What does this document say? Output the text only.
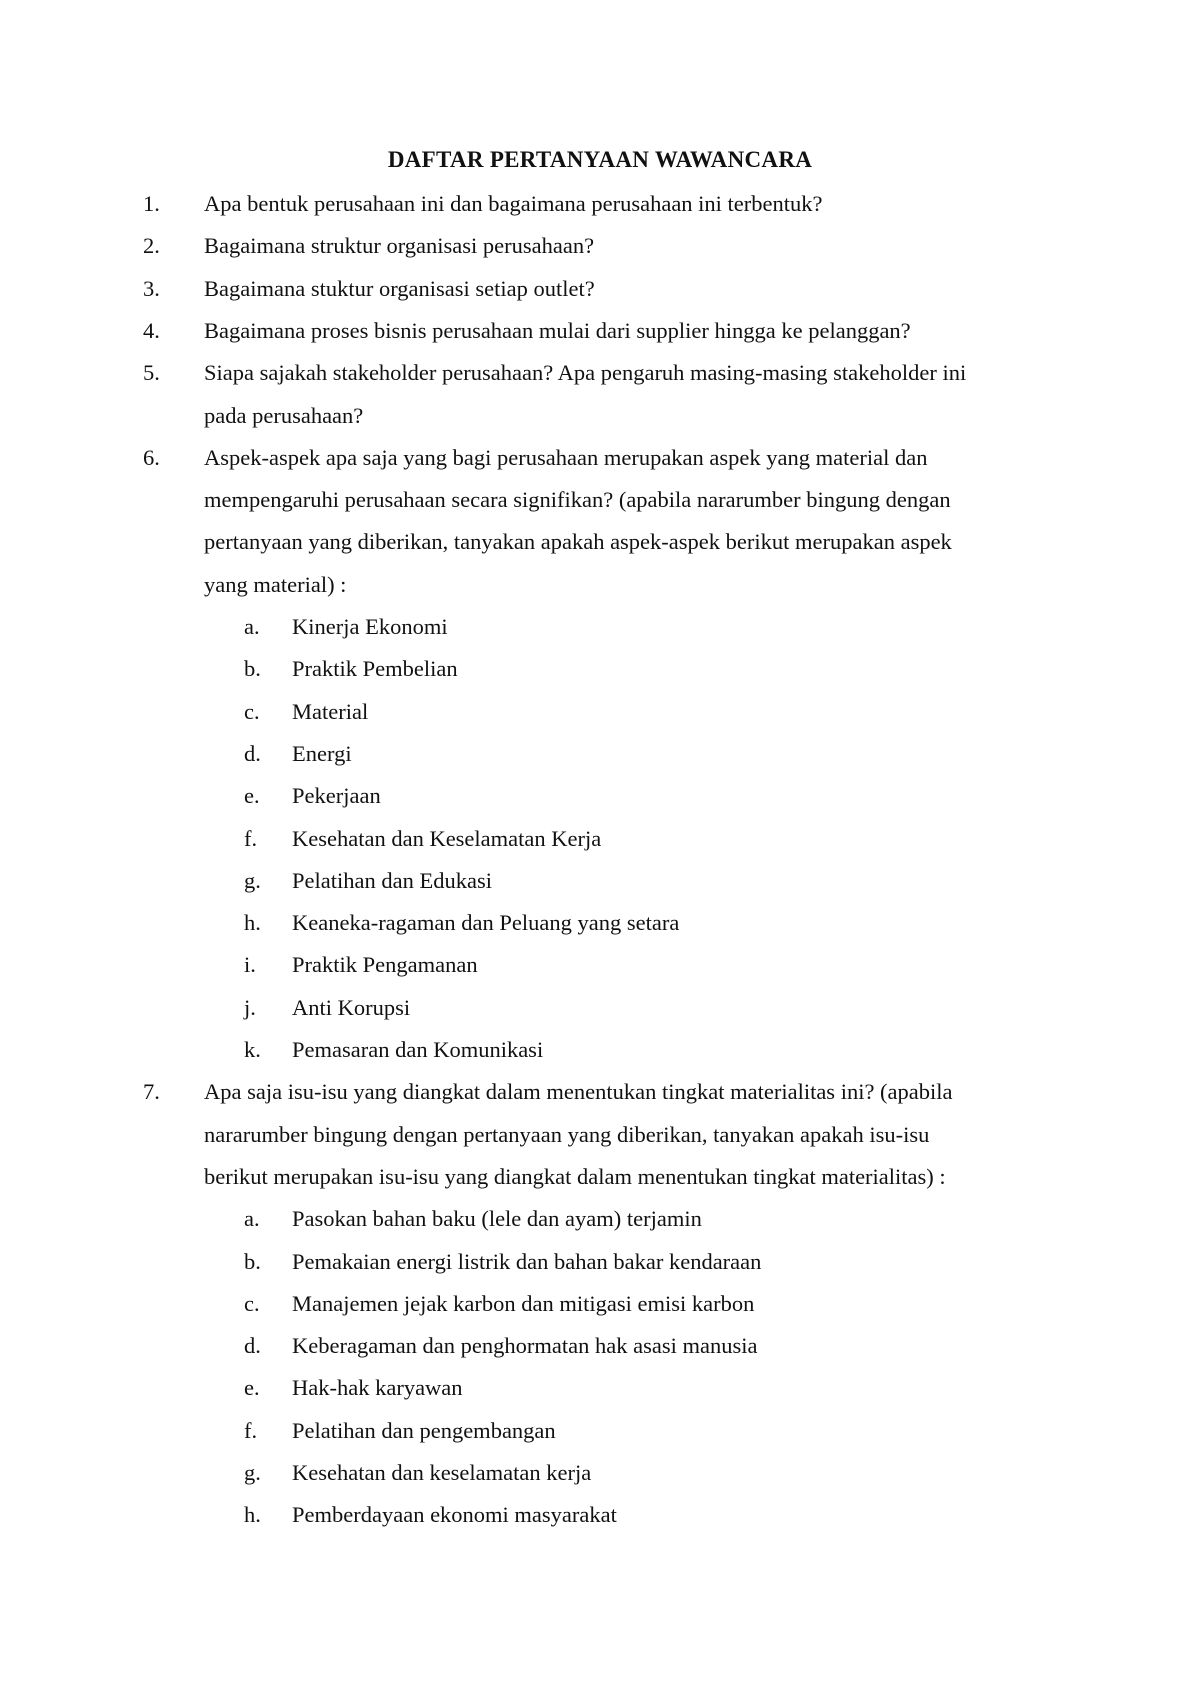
DAFTAR PERTANYAAN WAWANCARA
1.	Apa bentuk perusahaan ini dan bagaimana perusahaan ini terbentuk?
2.	Bagaimana struktur organisasi perusahaan?
3.	Bagaimana stuktur organisasi setiap outlet?
4.	Bagaimana proses bisnis perusahaan mulai dari supplier hingga ke pelanggan?
5.	Siapa sajakah stakeholder perusahaan? Apa pengaruh masing-masing stakeholder ini
pada perusahaan?
6.	Aspek-aspek apa saja yang bagi perusahaan merupakan aspek yang material dan
mempengaruhi perusahaan secara signifikan? (apabila nararumber bingung dengan
pertanyaan yang diberikan, tanyakan apakah aspek-aspek berikut merupakan aspek
yang material) :
a.	Kinerja Ekonomi
b.	Praktik Pembelian
c.	Material
d.	Energi
e.	Pekerjaan
f.	Kesehatan dan Keselamatan Kerja
g.	Pelatihan dan Edukasi
h.	Keaneka-ragaman dan Peluang yang setara
i.	Praktik Pengamanan
j.	Anti Korupsi
k.	Pemasaran dan Komunikasi
7.	Apa saja isu-isu yang diangkat dalam menentukan tingkat materialitas ini? (apabila
nararumber bingung dengan pertanyaan yang diberikan, tanyakan apakah isu-isu
berikut merupakan isu-isu yang diangkat dalam menentukan tingkat materialitas) :
a.	Pasokan bahan baku (lele dan ayam) terjamin
b.	Pemakaian energi listrik dan bahan bakar kendaraan
c.	Manajemen jejak karbon dan mitigasi emisi karbon
d.	Keberagaman dan penghormatan hak asasi manusia
e.	Hak-hak karyawan
f.	Pelatihan dan pengembangan
g.	Kesehatan dan keselamatan kerja
h.	Pemberdayaan ekonomi masyarakat
